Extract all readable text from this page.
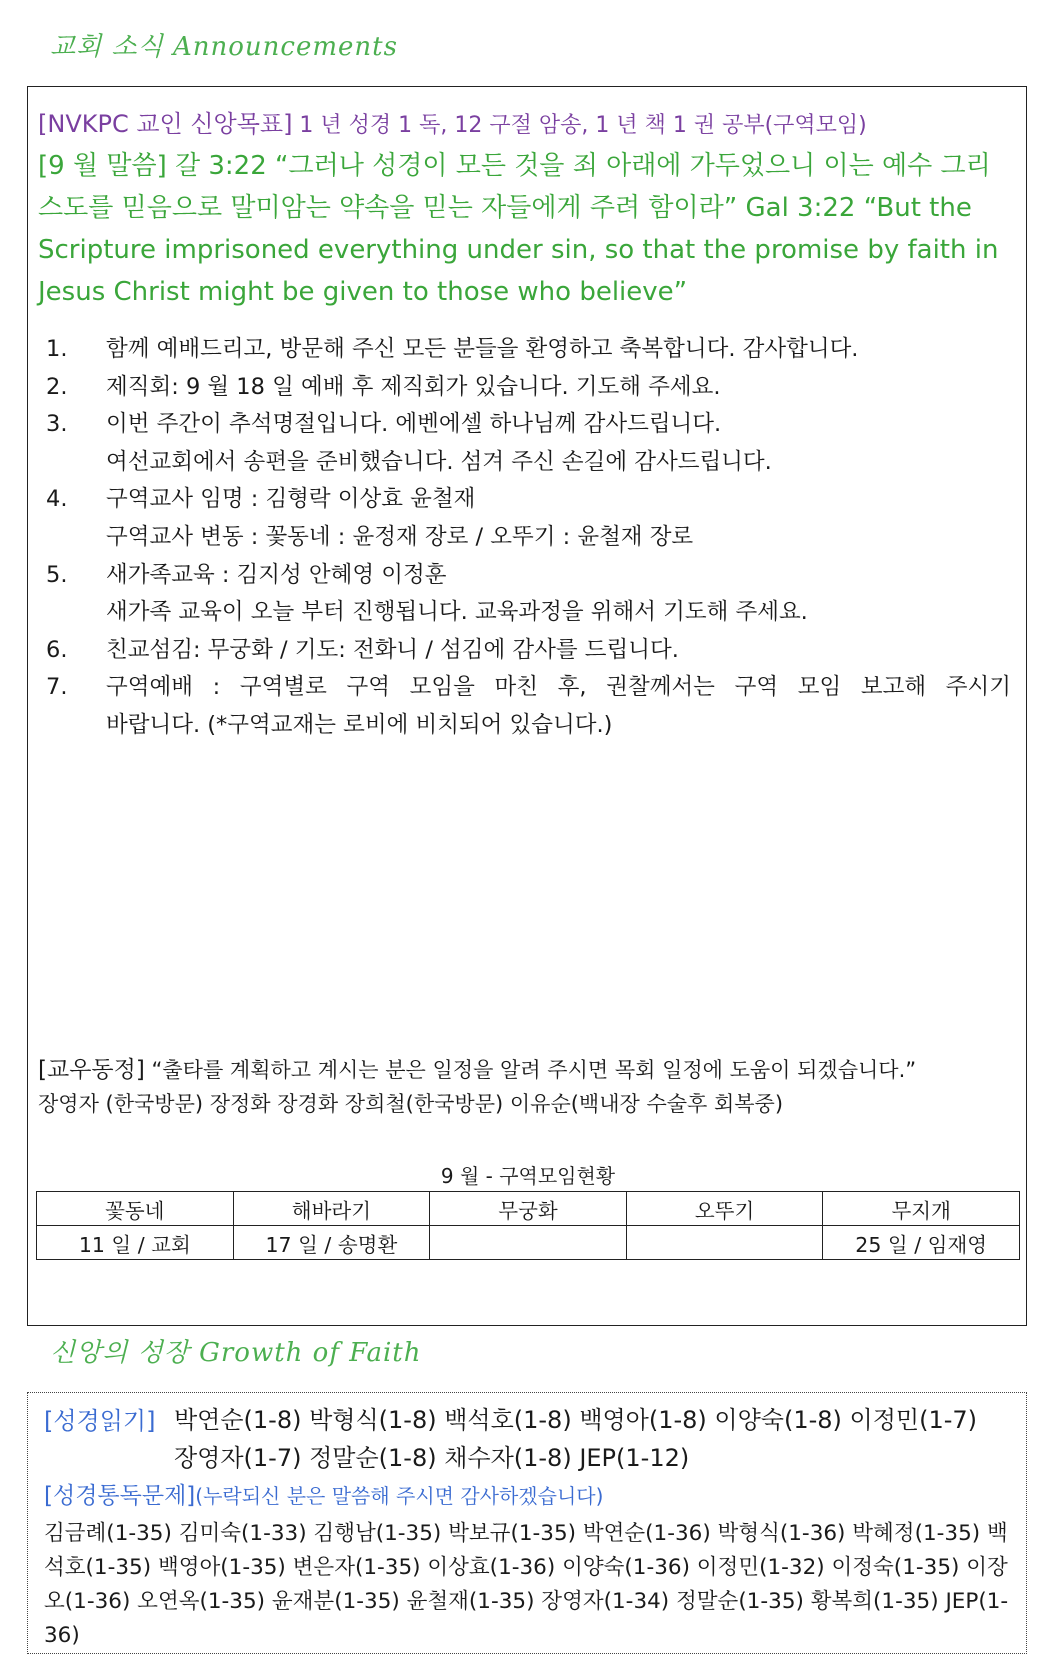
교회 소식 Announcements
[NVKPC 교인 신앙목표] 1 년 성경 1 독, 12 구절 암송, 1 년 책 1 권 공부(구역모임)
[9 월 말씀] 갈 3:22 “그러나 성경이 모든 것을 죄 아래에 가두었으니 이는 예수 그리스도를 믿음으로 말미암는 약속을 믿는 자들에게 주려 함이라” Gal 3:22 “But the Scripture imprisoned everything under sin, so that the promise by faith in Jesus Christ might be given to those who believe”
1.	함께 예배드리고, 방문해 주신 모든 분들을 환영하고 축복합니다. 감사합니다.
2.	제직회: 9 월 18 일 예배 후 제직회가 있습니다. 기도해 주세요.
3.	이번 주간이 추석명절입니다. 에벤에셀 하나님께 감사드립니다.
여선교회에서 송편을 준비했습니다. 섬겨 주신 손길에 감사드립니다.
4.	구역교사 임명 : 김형락 이상효 윤철재
구역교사 변동 : 꽃동네 : 윤정재 장로 / 오뚜기 : 윤철재 장로
5.	새가족교육 : 김지성 안혜영 이정훈
새가족 교육이 오늘 부터 진행됩니다. 교육과정을 위해서 기도해 주세요.
6.	친교섬김: 무궁화 / 기도: 전화니 / 섬김에 감사를 드립니다.
7.	구역예배 : 구역별로 구역 모임을 마친 후, 권찰께서는 구역 모임 보고해 주시기
바랍니다. (*구역교재는 로비에 비치되어 있습니다.)
[교우동정] “출타를 계획하고 계시는 분은 일정을 알려 주시면 목회 일정에 도움이 되겠습니다.”
장영자 (한국방문) 장정화 장경화 장희철(한국방문) 이유순(백내장 수술후 회복중)
9 월 - 구역모임현황
꽃동네	해바라기	무궁화	오뚜기	무지개
11 일 / 교회	17 일 / 송명환			25 일 / 임재영
신앙의 성장 Growth of Faith
[성경읽기] 박연순(1-8) 박형식(1-8) 백석호(1-8) 백영아(1-8) 이양숙(1-8) 이정민(1-7)
장영자(1-7) 정말순(1-8) 채수자(1-8) JEP(1-12)
[성경통독문제](누락되신 분은 말씀해 주시면 감사하겠습니다)
김금례(1-35) 김미숙(1-33) 김행남(1-35) 박보규(1-35) 박연순(1-36) 박형식(1-36) 박혜정(1-35) 백석호(1-35) 백영아(1-35) 변은자(1-35) 이상효(1-36) 이양숙(1-36) 이정민(1-32) 이정숙(1-35) 이장오(1-36) 오연옥(1-35) 윤재분(1-35) 윤철재(1-35) 장영자(1-34) 정말순(1-35) 황복희(1-35) JEP(1-36)
